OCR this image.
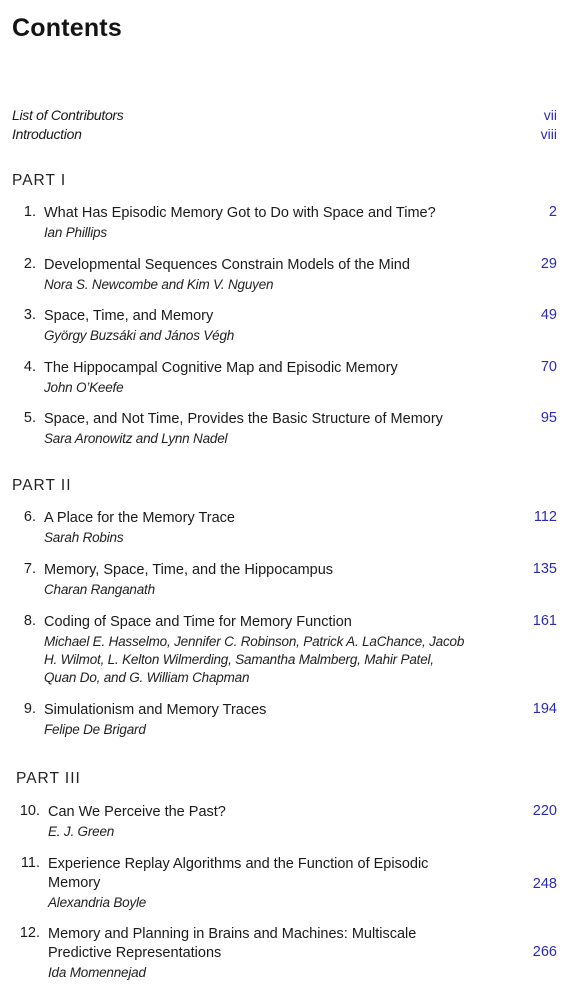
Contents
List of Contributors	vii
Introduction	viii
PART I
1. What Has Episodic Memory Got to Do with Space and Time?
Ian Phillips
2
2. Developmental Sequences Constrain Models of the Mind
Nora S. Newcombe and Kim V. Nguyen
29
3. Space, Time, and Memory
György Buzsáki and János Végh
49
4. The Hippocampal Cognitive Map and Episodic Memory
John O’Keefe
70
5. Space, and Not Time, Provides the Basic Structure of Memory
Sara Aronowitz and Lynn Nadel
95
PART II
6. A Place for the Memory Trace
Sarah Robins
112
7. Memory, Space, Time, and the Hippocampus
Charan Ranganath
135
8. Coding of Space and Time for Memory Function
Michael E. Hasselmo, Jennifer C. Robinson, Patrick A. LaChance, Jacob
H. Wilmot, L. Kelton Wilmerding, Samantha Malmberg, Mahir Patel,
Quan Do, and G. William Chapman
161
9. Simulationism and Memory Traces
Felipe De Brigard
194
PART III
10. Can We Perceive the Past?
E. J. Green
220
11. Experience Replay Algorithms and the Function of Episodic
Memory
Alexandria Boyle
248
12. Memory and Planning in Brains and Machines: Multiscale
Predictive Representations
Ida Momennejad
266
